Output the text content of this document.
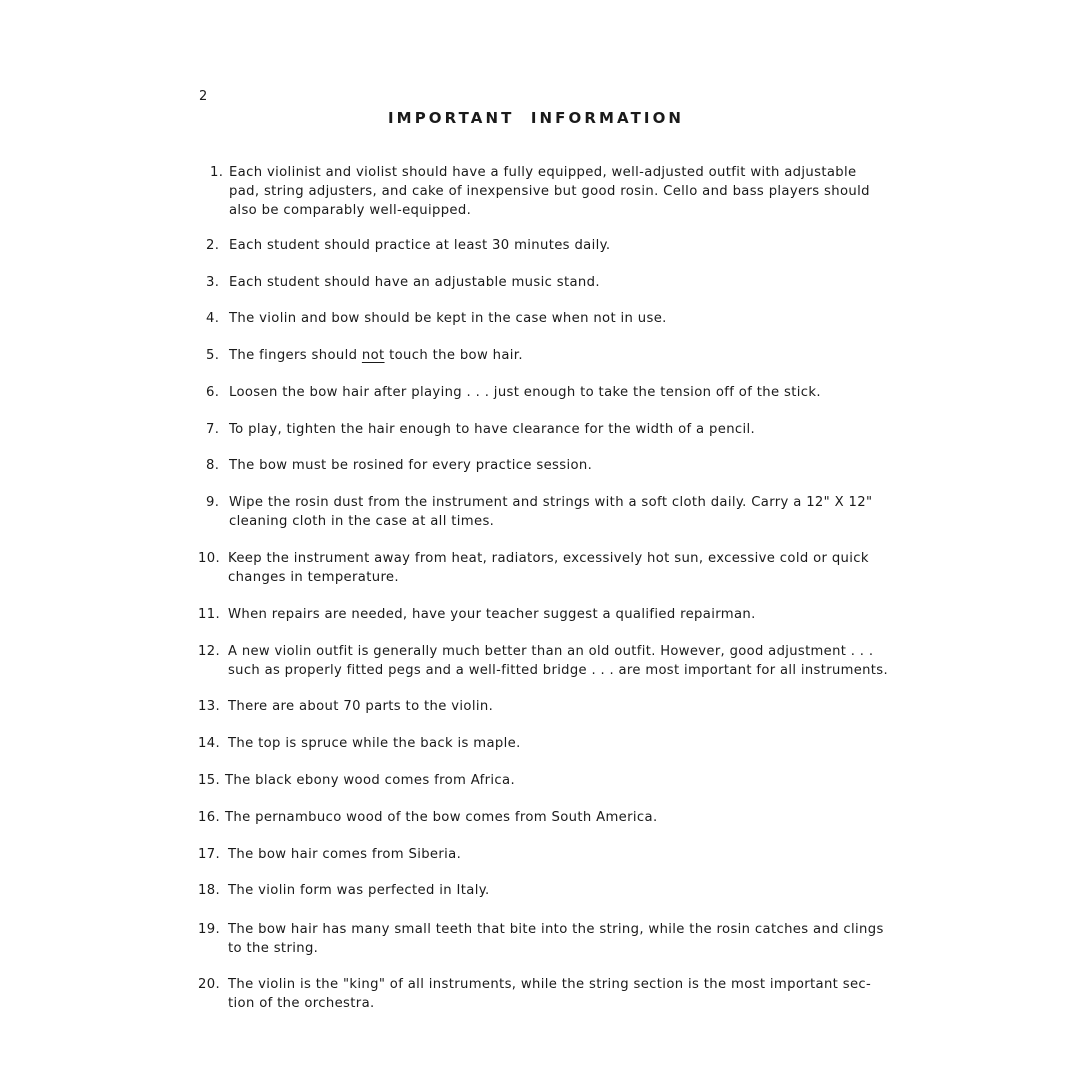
2
IMPORTANT INFORMATION
1. Each violinist and violist should have a fully equipped, well-adjusted outfit with adjustable
pad, string adjusters, and cake of inexpensive but good rosin. Cello and bass players should
also be comparably well-equipped.
2. Each student should practice at least 30 minutes daily.
3. Each student should have an adjustable music stand.
4. The violin and bow should be kept in the case when not in use.
5. The fingers should not touch the bow hair.
6. Loosen the bow hair after playing . . . just enough to take the tension off of the stick.
7. To play, tighten the hair enough to have clearance for the width of a pencil.
8. The bow must be rosined for every practice session.
9. Wipe the rosin dust from the instrument and strings with a soft cloth daily. Carry a 12" X 12"
cleaning cloth in the case at all times.
10. Keep the instrument away from heat, radiators, excessively hot sun, excessive cold or quick
changes in temperature.
11. When repairs are needed, have your teacher suggest a qualified repairman.
12. A new violin outfit is generally much better than an old outfit. However, good adjustment . . .
such as properly fitted pegs and a well-fitted bridge . . . are most important for all instruments.
13. There are about 70 parts to the violin.
14. The top is spruce while the back is maple.
15. The black ebony wood comes from Africa.
16. The pernambuco wood of the bow comes from South America.
17. The bow hair comes from Siberia.
18. The violin form was perfected in Italy.
19. The bow hair has many small teeth that bite into the string, while the rosin catches and clings
to the string.
20. The violin is the "king" of all instruments, while the string section is the most important sec-
tion of the orchestra.
